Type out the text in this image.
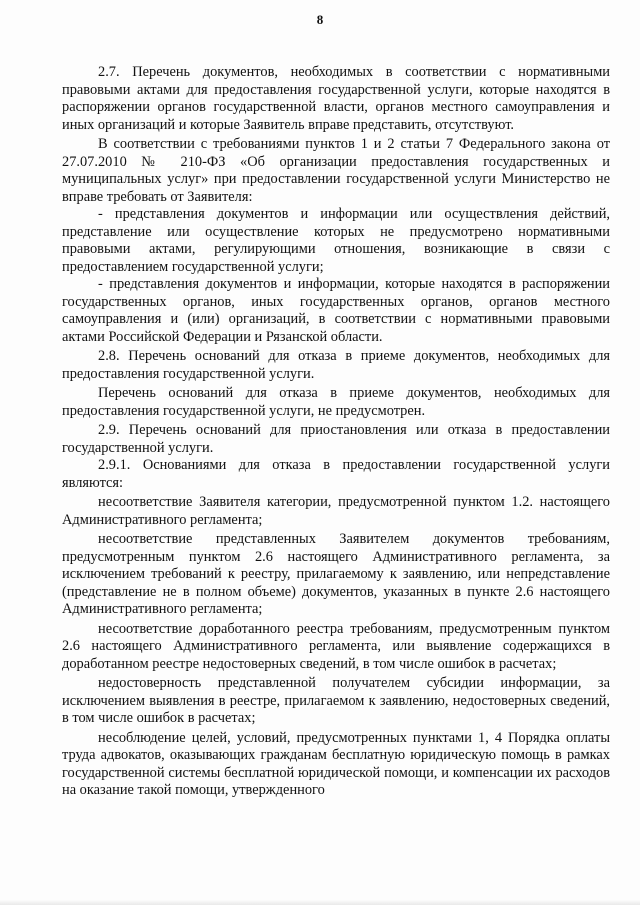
8

2.7. Перечень документов, необходимых в соответствии с нормативными правовыми актами для предоставления государственной услуги, которые находятся в распоряжении органов государственной власти, органов местного самоуправления и иных организаций и которые Заявитель вправе представить, отсутствуют.

В соответствии с требованиями пунктов 1 и 2 статьи 7 Федерального закона от 27.07.2010 № 210-ФЗ «Об организации предоставления государственных и муниципальных услуг» при предоставлении государственной услуги Министерство не вправе требовать от Заявителя:

- представления документов и информации или осуществления действий, представление или осуществление которых не предусмотрено нормативными правовыми актами, регулирующими отношения, возникающие в связи с предоставлением государственной услуги;

- представления документов и информации, которые находятся в распоряжении государственных органов, иных государственных органов, органов местного самоуправления и (или) организаций, в соответствии с нормативными правовыми актами Российской Федерации и Рязанской области.

2.8. Перечень оснований для отказа в приеме документов, необходимых для предоставления государственной услуги.

Перечень оснований для отказа в приеме документов, необходимых для предоставления государственной услуги, не предусмотрен.

2.9. Перечень оснований для приостановления или отказа в предоставлении государственной услуги.

2.9.1. Основаниями для отказа в предоставлении государственной услуги являются:

несоответствие Заявителя категории, предусмотренной пунктом 1.2. настоящего Административного регламента;

несоответствие представленных Заявителем документов требованиям, предусмотренным пунктом 2.6 настоящего Административного регламента, за исключением требований к реестру, прилагаемому к заявлению, или непредставление (представление не в полном объеме) документов, указанных в пункте 2.6 настоящего Административного регламента;

несоответствие доработанного реестра требованиям, предусмотренным пунктом 2.6 настоящего Административного регламента, или выявление содержащихся в доработанном реестре недостоверных сведений, в том числе ошибок в расчетах;

недостоверность представленной получателем субсидии информации, за исключением выявления в реестре, прилагаемом к заявлению, недостоверных сведений, в том числе ошибок в расчетах;

несоблюдение целей, условий, предусмотренных пунктами 1, 4 Порядка оплаты труда адвокатов, оказывающих гражданам бесплатную юридическую помощь в рамках государственной системы бесплатной юридической помощи, и компенсации их расходов на оказание такой помощи, утвержденного
